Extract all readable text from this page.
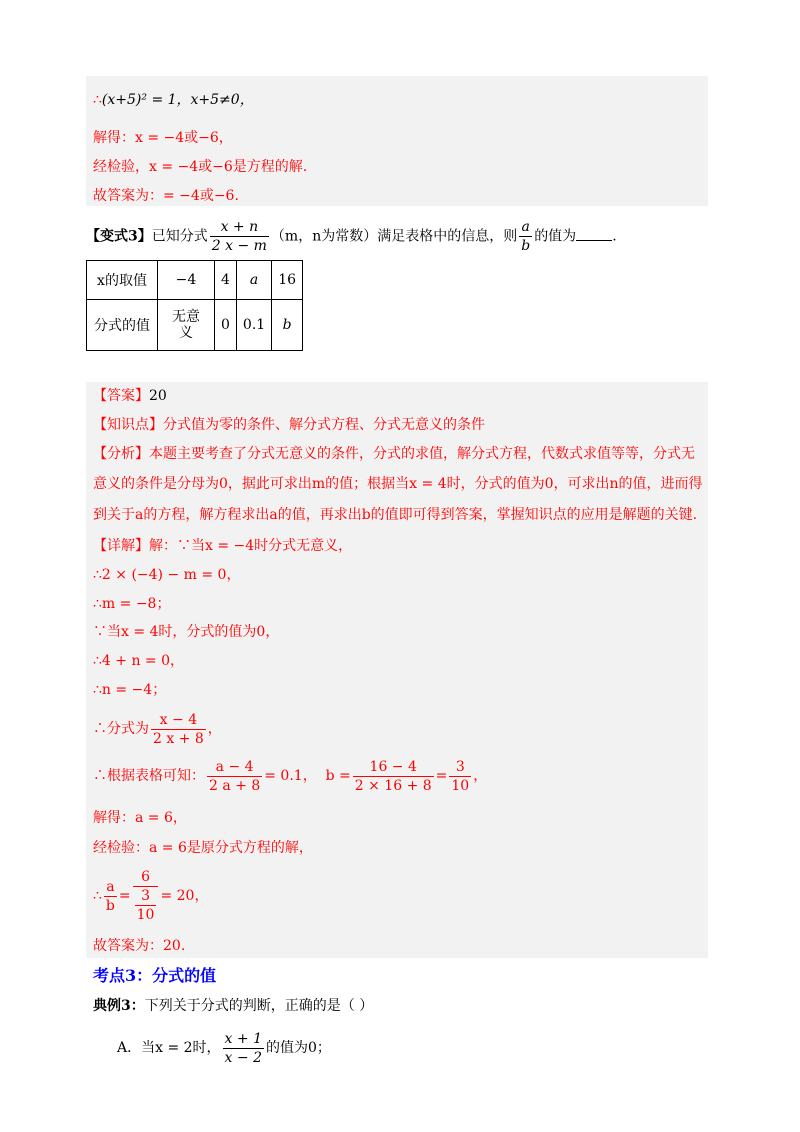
∴(x+5)² = 1，x+5≠0，
解得：x = −4或−6，
经检验，x = −4或−6是方程的解.
故答案为：= −4或−6.
【变式3】已知分式 $\frac{x + n}{2 x - m} (m$，n为常数）满足表格中的信息，则 $\frac{a}{b}$ 的值为	.
x的取值	−4	4	a	16
分式的值	无意义	0	0.1	b
【答案】20
【知识点】分式值为零的条件、解分式方程、分式无意义的条件
【分析】本题主要考查了分式无意义的条件，分式的求值，解分式方程，代数式求值等等，分式无
意义的条件是分母为0，据此可求出m的值；根据当x = 4时，分式的值为0，可求出n的值，进而得
到关于a的方程，解方程求出a的值，再求出b的值即可得到答案，掌握知识点的应用是解题的关键.
【详解】解：∵当x = −4时分式无意义，
∴2 × (−4) − m = 0，
∴m = −8；
∵当x = 4时，分式的值为0，
∴4 + n = 0，
∴n = −4；
∴分式为 $\frac{x - 4}{2 x + 8}$ ，
∴根据表格可知： $\frac{a - 4}{2 a + 8} = 0.1$， $b = \frac{16 - 4}{2 \times 16 + 8} = \frac{3}{10}$ ，
解得：a = 6，
经检验：a = 6是原分式方程的解，
∴ $\frac{a}{b} = \frac{6}{\frac{3}{10}} = 20$，
故答案为：20.
考点3：分式的值
典例3：下列关于分式的判断，正确的是（ ）
A．当x = 2时， $\frac{x + 1}{x - 2}$ 的值为0；
